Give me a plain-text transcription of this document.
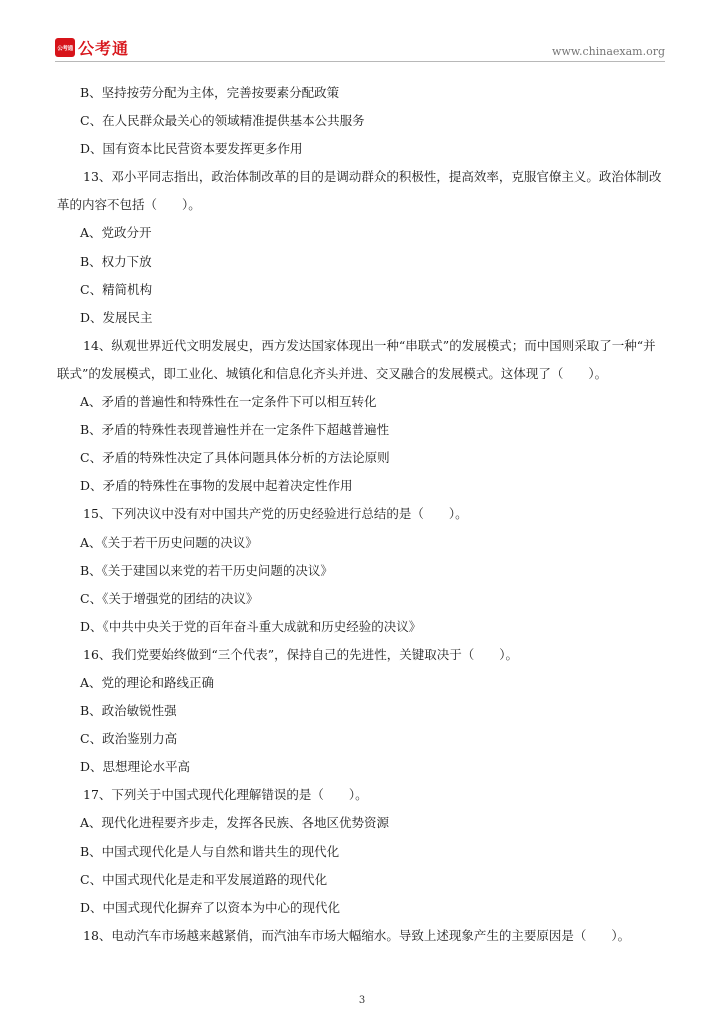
公考通 公考通	www.chinaexam.org
B、坚持按劳分配为主体，完善按要素分配政策
C、在人民群众最关心的领域精准提供基本公共服务
D、国有资本比民营资本要发挥更多作用
13、邓小平同志指出，政治体制改革的目的是调动群众的积极性，提高效率，克服官僚主义。政治体制改
革的内容不包括（　　）。
A、党政分开
B、权力下放
C、精简机构
D、发展民主
14、纵观世界近代文明发展史，西方发达国家体现出一种“串联式”的发展模式；而中国则采取了一种“并
联式”的发展模式，即工业化、城镇化和信息化齐头并进、交叉融合的发展模式。这体现了（　　）。
A、矛盾的普遍性和特殊性在一定条件下可以相互转化
B、矛盾的特殊性表现普遍性并在一定条件下超越普遍性
C、矛盾的特殊性决定了具体问题具体分析的方法论原则
D、矛盾的特殊性在事物的发展中起着决定性作用
15、下列决议中没有对中国共产党的历史经验进行总结的是（　　）。
A、《关于若干历史问题的决议》
B、《关于建国以来党的若干历史问题的决议》
C、《关于增强党的团结的决议》
D、《中共中央关于党的百年奋斗重大成就和历史经验的决议》
16、我们党要始终做到“三个代表”，保持自己的先进性，关键取决于（　　）。
A、党的理论和路线正确
B、政治敏锐性强
C、政治鉴别力高
D、思想理论水平高
17、下列关于中国式现代化理解错误的是（　　）。
A、现代化进程要齐步走，发挥各民族、各地区优势资源
B、中国式现代化是人与自然和谐共生的现代化
C、中国式现代化是走和平发展道路的现代化
D、中国式现代化摒弃了以资本为中心的现代化
18、电动汽车市场越来越紧俏，而汽油车市场大幅缩水。导致上述现象产生的主要原因是（　　）。
3
